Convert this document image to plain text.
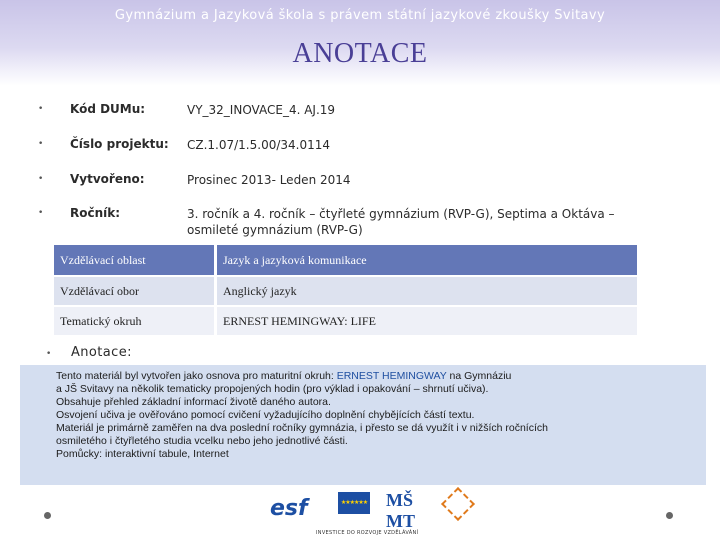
Gymnázium a Jazyková škola s právem státní jazykové zkoušky Svitavy
ANOTACE
• Kód DUMu:	VY_32_INOVACE_4. AJ.19
• Číslo projektu: CZ.1.07/1.5.00/34.0114
• Vytvořeno:	Prosinec 2013- Leden 2014
• Ročník:	3. ročník a 4. ročník – čtyřleté gymnázium (RVP-G), Septima a Oktáva – osmileté gymnázium (RVP-G)
Vzdělávací oblast	Jazyk a jazyková komunikace
Vzdělávací obor	Anglický jazyk
Tematický okruh	ERNEST HEMINGWAY: LIFE
• Anotace:

Tento materiál byl vytvořen jako osnova pro maturitní okruh: ERNEST HEMINGWAY na Gymnáziu

a JŠ Svitavy na několik tematicky propojených hodin (pro výklad i opakování – shrnutí učiva).

Obsahuje přehled základní informací životě daného autora.

Osvojení učiva je ověřováno pomocí cvičení vyžadujícího doplnění chybějících částí textu.

Materiál je primárně zaměřen na dva poslední ročníky gymnázia, i přesto se dá využít i v nižších ročnících

osmiletého i čtyřletého studia vcelku nebo jeho jednotlivé části.

Pomůcky: interaktivní tabule, Internet

esf	★★★★★★ MŠ
MT
INVESTICE DO ROZVOJE VZDĚLÁVÁNÍ
